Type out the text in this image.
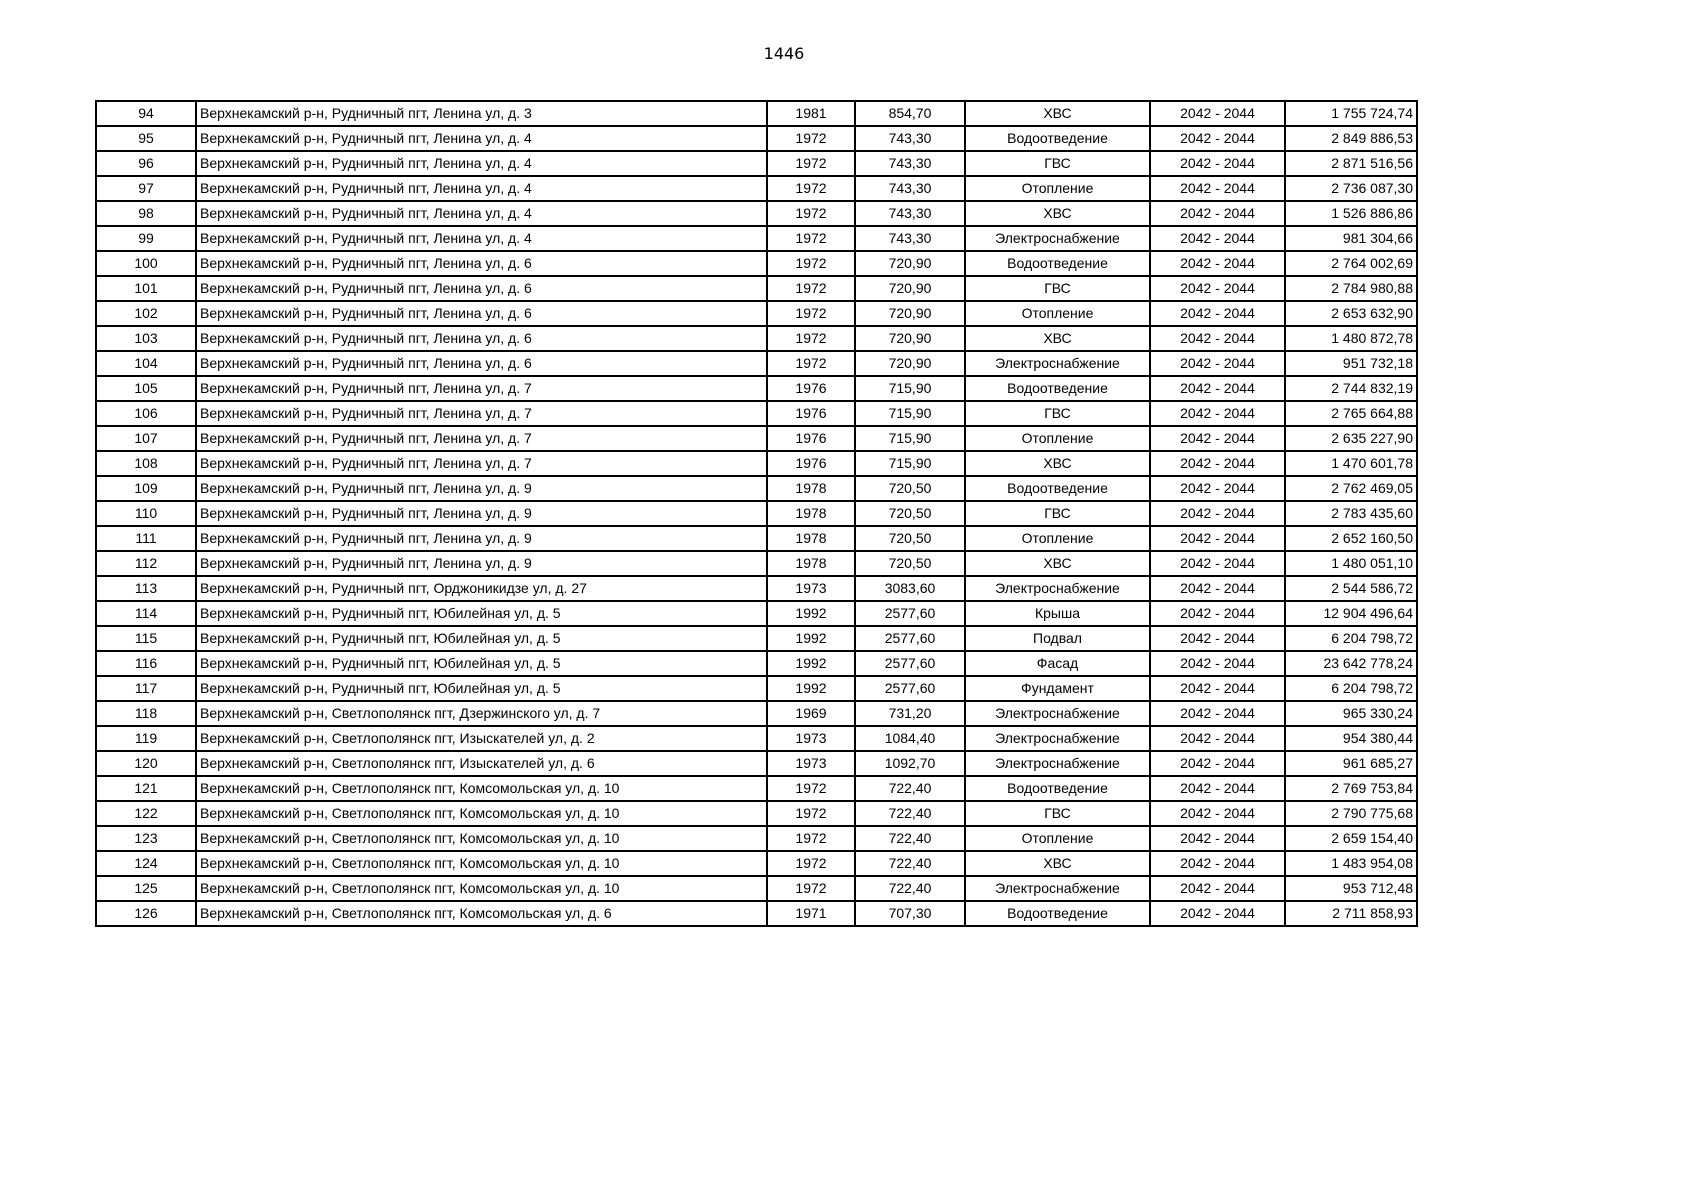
1446
94	Верхнекамский р-н, Рудничный пгт, Ленина ул, д. 3	1981	854,70	ХВС	2042 - 2044	1 755 724,74
95	Верхнекамский р-н, Рудничный пгт, Ленина ул, д. 4	1972	743,30	Водоотведение	2042 - 2044	2 849 886,53
96	Верхнекамский р-н, Рудничный пгт, Ленина ул, д. 4	1972	743,30	ГВС	2042 - 2044	2 871 516,56
97	Верхнекамский р-н, Рудничный пгт, Ленина ул, д. 4	1972	743,30	Отопление	2042 - 2044	2 736 087,30
98	Верхнекамский р-н, Рудничный пгт, Ленина ул, д. 4	1972	743,30	ХВС	2042 - 2044	1 526 886,86
99	Верхнекамский р-н, Рудничный пгт, Ленина ул, д. 4	1972	743,30	Электроснабжение	2042 - 2044	981 304,66
100	Верхнекамский р-н, Рудничный пгт, Ленина ул, д. 6	1972	720,90	Водоотведение	2042 - 2044	2 764 002,69
101	Верхнекамский р-н, Рудничный пгт, Ленина ул, д. 6	1972	720,90	ГВС	2042 - 2044	2 784 980,88
102	Верхнекамский р-н, Рудничный пгт, Ленина ул, д. 6	1972	720,90	Отопление	2042 - 2044	2 653 632,90
103	Верхнекамский р-н, Рудничный пгт, Ленина ул, д. 6	1972	720,90	ХВС	2042 - 2044	1 480 872,78
104	Верхнекамский р-н, Рудничный пгт, Ленина ул, д. 6	1972	720,90	Электроснабжение	2042 - 2044	951 732,18
105	Верхнекамский р-н, Рудничный пгт, Ленина ул, д. 7	1976	715,90	Водоотведение	2042 - 2044	2 744 832,19
106	Верхнекамский р-н, Рудничный пгт, Ленина ул, д. 7	1976	715,90	ГВС	2042 - 2044	2 765 664,88
107	Верхнекамский р-н, Рудничный пгт, Ленина ул, д. 7	1976	715,90	Отопление	2042 - 2044	2 635 227,90
108	Верхнекамский р-н, Рудничный пгт, Ленина ул, д. 7	1976	715,90	ХВС	2042 - 2044	1 470 601,78
109	Верхнекамский р-н, Рудничный пгт, Ленина ул, д. 9	1978	720,50	Водоотведение	2042 - 2044	2 762 469,05
110	Верхнекамский р-н, Рудничный пгт, Ленина ул, д. 9	1978	720,50	ГВС	2042 - 2044	2 783 435,60
111	Верхнекамский р-н, Рудничный пгт, Ленина ул, д. 9	1978	720,50	Отопление	2042 - 2044	2 652 160,50
112	Верхнекамский р-н, Рудничный пгт, Ленина ул, д. 9	1978	720,50	ХВС	2042 - 2044	1 480 051,10
113	Верхнекамский р-н, Рудничный пгт, Орджоникидзе ул, д. 27	1973	3083,60	Электроснабжение	2042 - 2044	2 544 586,72
114	Верхнекамский р-н, Рудничный пгт, Юбилейная ул, д. 5	1992	2577,60	Крыша	2042 - 2044	12 904 496,64
115	Верхнекамский р-н, Рудничный пгт, Юбилейная ул, д. 5	1992	2577,60	Подвал	2042 - 2044	6 204 798,72
116	Верхнекамский р-н, Рудничный пгт, Юбилейная ул, д. 5	1992	2577,60	Фасад	2042 - 2044	23 642 778,24
117	Верхнекамский р-н, Рудничный пгт, Юбилейная ул, д. 5	1992	2577,60	Фундамент	2042 - 2044	6 204 798,72
118	Верхнекамский р-н, Светлополянск пгт, Дзержинского ул, д. 7	1969	731,20	Электроснабжение	2042 - 2044	965 330,24
119	Верхнекамский р-н, Светлополянск пгт, Изыскателей ул, д. 2	1973	1084,40	Электроснабжение	2042 - 2044	954 380,44
120	Верхнекамский р-н, Светлополянск пгт, Изыскателей ул, д. 6	1973	1092,70	Электроснабжение	2042 - 2044	961 685,27
121	Верхнекамский р-н, Светлополянск пгт, Комсомольская ул, д. 10	1972	722,40	Водоотведение	2042 - 2044	2 769 753,84
122	Верхнекамский р-н, Светлополянск пгт, Комсомольская ул, д. 10	1972	722,40	ГВС	2042 - 2044	2 790 775,68
123	Верхнекамский р-н, Светлополянск пгт, Комсомольская ул, д. 10	1972	722,40	Отопление	2042 - 2044	2 659 154,40
124	Верхнекамский р-н, Светлополянск пгт, Комсомольская ул, д. 10	1972	722,40	ХВС	2042 - 2044	1 483 954,08
125	Верхнекамский р-н, Светлополянск пгт, Комсомольская ул, д. 10	1972	722,40	Электроснабжение	2042 - 2044	953 712,48
126	Верхнекамский р-н, Светлополянск пгт, Комсомольская ул, д. 6	1971	707,30	Водоотведение	2042 - 2044	2 711 858,93
